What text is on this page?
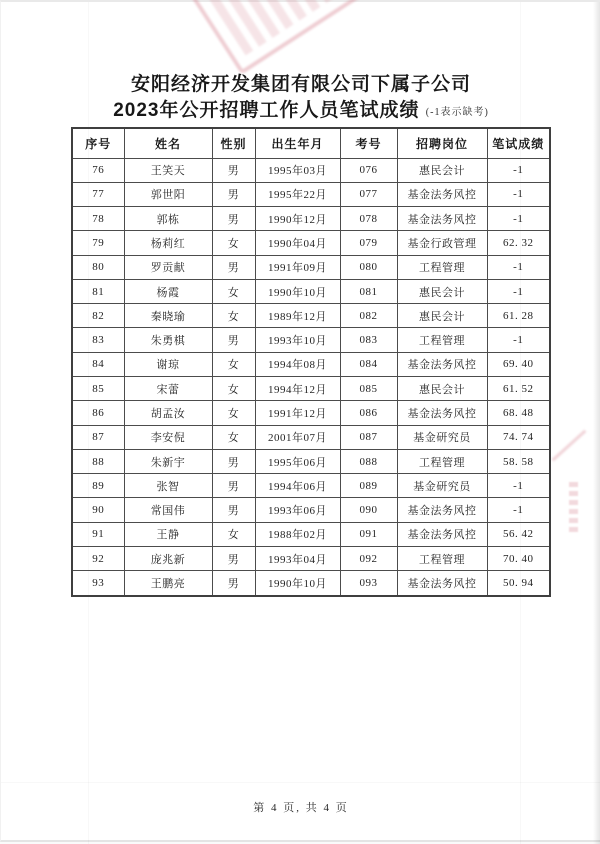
安阳经济开发集团有限公司下属子公司
2023年公开招聘工作人员笔试成绩 (-1表示缺考)
序号	姓名	性别	出生年月	考号	招聘岗位	笔试成绩
76	王笑天	男	1995年03月	076	惠民会计	-1
77	郭世阳	男	1995年22月	077	基金法务风控	-1
78	郭栋	男	1990年12月	078	基金法务风控	-1
79	杨莉红	女	1990年04月	079	基金行政管理	62. 32
80	罗贡献	男	1991年09月	080	工程管理	-1
81	杨霞	女	1990年10月	081	惠民会计	-1
82	秦晓瑜	女	1989年12月	082	惠民会计	61. 28
83	朱勇棋	男	1993年10月	083	工程管理	-1
84	谢琼	女	1994年08月	084	基金法务风控	69. 40
85	宋蕾	女	1994年12月	085	惠民会计	61. 52
86	胡孟汝	女	1991年12月	086	基金法务风控	68. 48
87	李安倪	女	2001年07月	087	基金研究员	74. 74
88	朱新宇	男	1995年06月	088	工程管理	58. 58
89	张智	男	1994年06月	089	基金研究员	-1
90	常国伟	男	1993年06月	090	基金法务风控	-1
91	王静	女	1988年02月	091	基金法务风控	56. 42
92	庞兆新	男	1993年04月	092	工程管理	70. 40
93	王鹏亮	男	1990年10月	093	基金法务风控	50. 94
第 4 页, 共 4 页
